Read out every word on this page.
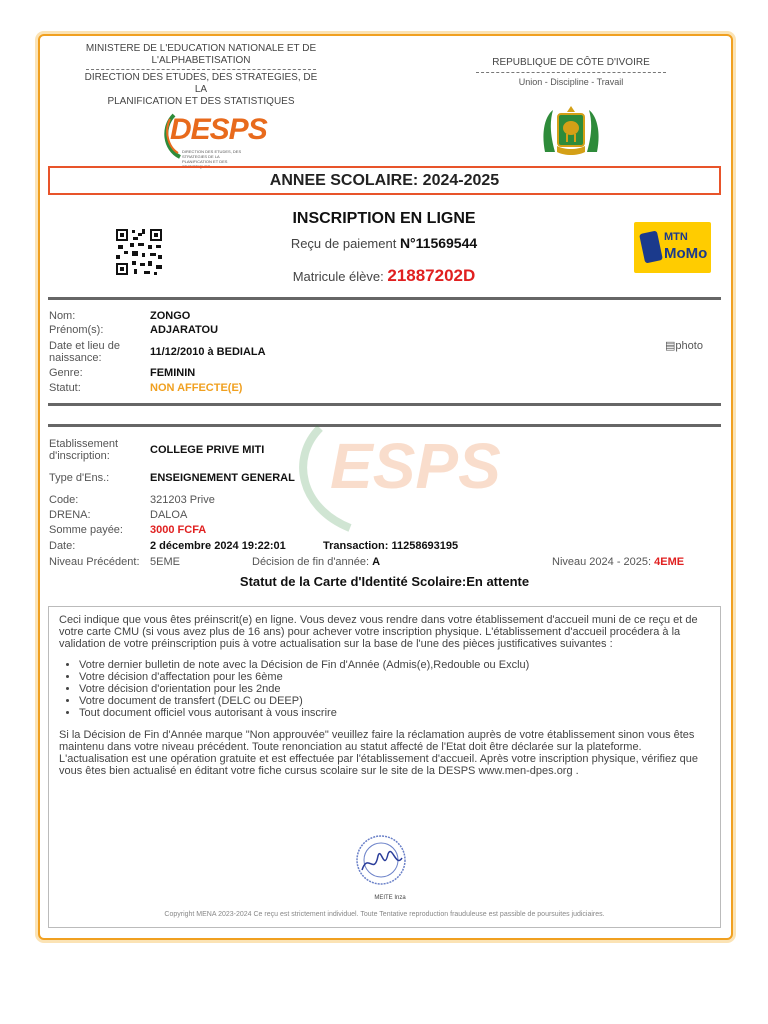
MINISTERE DE L'EDUCATION NATIONALE ET DE
L'ALPHABETISATION
DIRECTION DES ETUDES, DES STRATEGIES, DE LA
PLANIFICATION ET DES STATISTIQUES
REPUBLIQUE DE CÔTE D'IVOIRE
Union - Discipline - Travail
DESPS
DIRECTION DES ETUDES, DES STRATEGIES DE LA PLANIFICATION ET DES STATISTIQUES
ANNEE SCOLAIRE: 2024-2025
INSCRIPTION EN LIGNE
Reçu de paiement N°11569544
Matricule élève: 21887202D
MTN
MoMo
Nom:	ZONGO
Prénom(s):	ADJARATOU
Date et lieu de
naissance:	11/12/2010 à BEDIALA
Genre:	FEMININ
Statut:	NON AFFECTE(E)
▤photo
ESPS
Etablissement
d'inscription:	COLLEGE PRIVE MITI
Type d'Ens.:	ENSEIGNEMENT GENERAL
Code:	321203 Prive
DRENA:	DALOA
Somme payée: 3000 FCFA
Date:	2 décembre 2024 19:22:01	Transaction: 11258693195
Niveau Précédent: 5EME	Décision de fin d'année: A	Niveau 2024 - 2025: 4EME
Statut de la Carte d'Identité Scolaire:En attente

Ceci indique que vous êtes préinscrit(e) en ligne. Vous devez vous rendre dans votre établissement d'accueil muni de ce reçu et de votre carte CMU (si vous avez plus de 16 ans) pour achever votre inscription physique. L'établissement d'accueil procédera à la validation de votre préinscription puis à votre actualisation sur la base de l'une des pièces justificatives suivantes :

• Votre dernier bulletin de note avec la Décision de Fin d'Année (Admis(e),Redouble ou Exclu)
• Votre décision d'affectation pour les 6ème
• Votre décision d'orientation pour les 2nde
• Votre document de transfert (DELC ou DEEP)
• Tout document officiel vous autorisant à vous inscrire

Si la Décision de Fin d'Année marque "Non approuvée" veuillez faire la réclamation auprès de votre établissement sinon vous êtes maintenu dans votre niveau précédent. Toute renonciation au statut affecté de l'Etat doit être déclarée sur la plateforme. L'actualisation est une opération gratuite et est effectuée par l'établissement d'accueil. Après votre inscription physique, vérifiez que vous êtes bien actualisé en éditant votre fiche cursus scolaire sur le site de la DESPS www.men-dpes.org .

MEITE Inza
Copyright MENA 2023-2024 Ce reçu est strictement individuel. Toute Tentative reproduction frauduleuse est passible de poursuites judiciaires.
